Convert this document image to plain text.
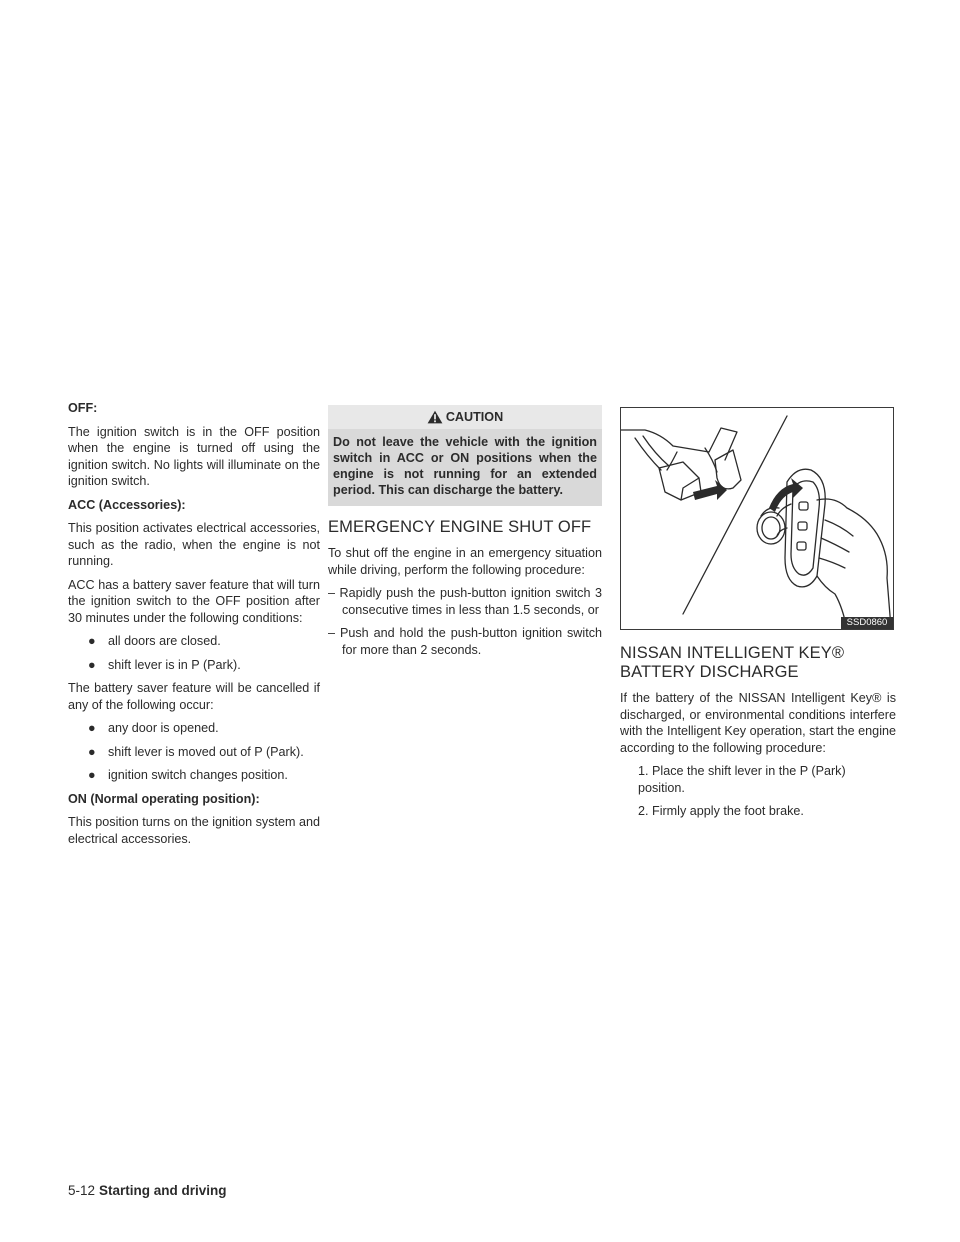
OFF:
The ignition switch is in the OFF position when the engine is turned off using the ignition switch. No lights will illuminate on the ignition switch.
ACC (Accessories):
This position activates electrical accessories, such as the radio, when the engine is not running.
ACC has a battery saver feature that will turn the ignition switch to the OFF position after 30 minutes under the following conditions:
● all doors are closed.
● shift lever is in P (Park).
The battery saver feature will be cancelled if any of the following occur:
● any door is opened.
● shift lever is moved out of P (Park).
● ignition switch changes position.
ON (Normal operating position):
This position turns on the ignition system and electrical accessories.
CAUTION
Do not leave the vehicle with the ignition switch in ACC or ON positions when the engine is not running for an extended period. This can discharge the battery.
EMERGENCY ENGINE SHUT OFF
To shut off the engine in an emergency situation while driving, perform the following procedure:
– Rapidly push the push-button ignition switch 3 consecutive times in less than 1.5 seconds, or
– Push and hold the push-button ignition switch for more than 2 seconds.
SSD0860
NISSAN INTELLIGENT KEY®
BATTERY DISCHARGE
If the battery of the NISSAN Intelligent Key® is discharged, or environmental conditions interfere with the Intelligent Key operation, start the engine according to the following procedure:
1. Place the shift lever in the P (Park) position.
2. Firmly apply the foot brake.
5-12 Starting and driving
